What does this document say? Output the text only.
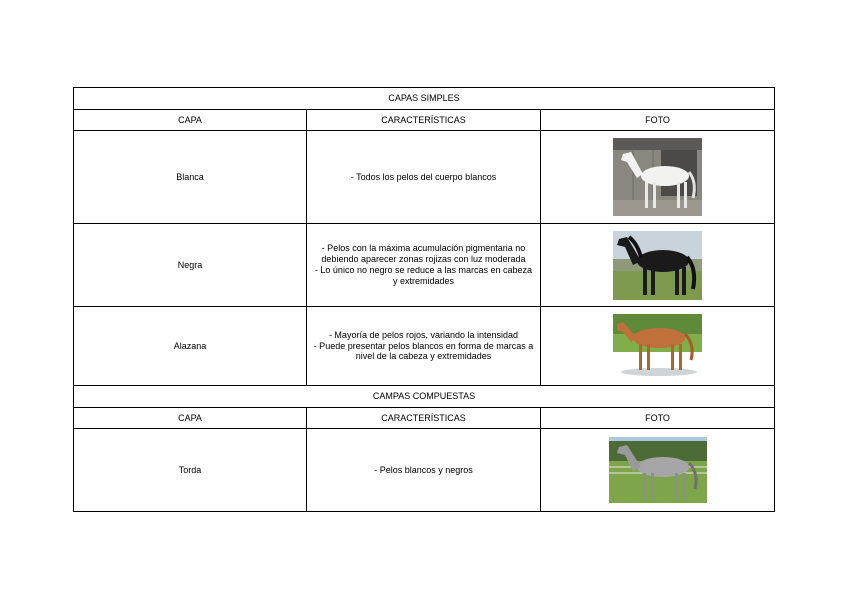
CAPAS SIMPLES		
CAPA	CARACTERÍSTICAS	FOTO
Blanca	- Todos los pelos del cuerpo blancos

Negra	- Pelos con la máxima acumulación pigmentaria no
debiendo aparecer zonas rojizas con luz moderada
- Lo único no negro se reduce a las marcas en cabeza
y extremidades

Alazana	- Mayoría de pelos rojos, variando la intensidad
- Puede presentar pelos blancos en forma de marcas a
nivel de la cabeza y extremidades

CAMPAS COMPUESTAS		
CAPA	CARACTERÍSTICAS	FOTO
Torda	- Pelos blancos y negros
